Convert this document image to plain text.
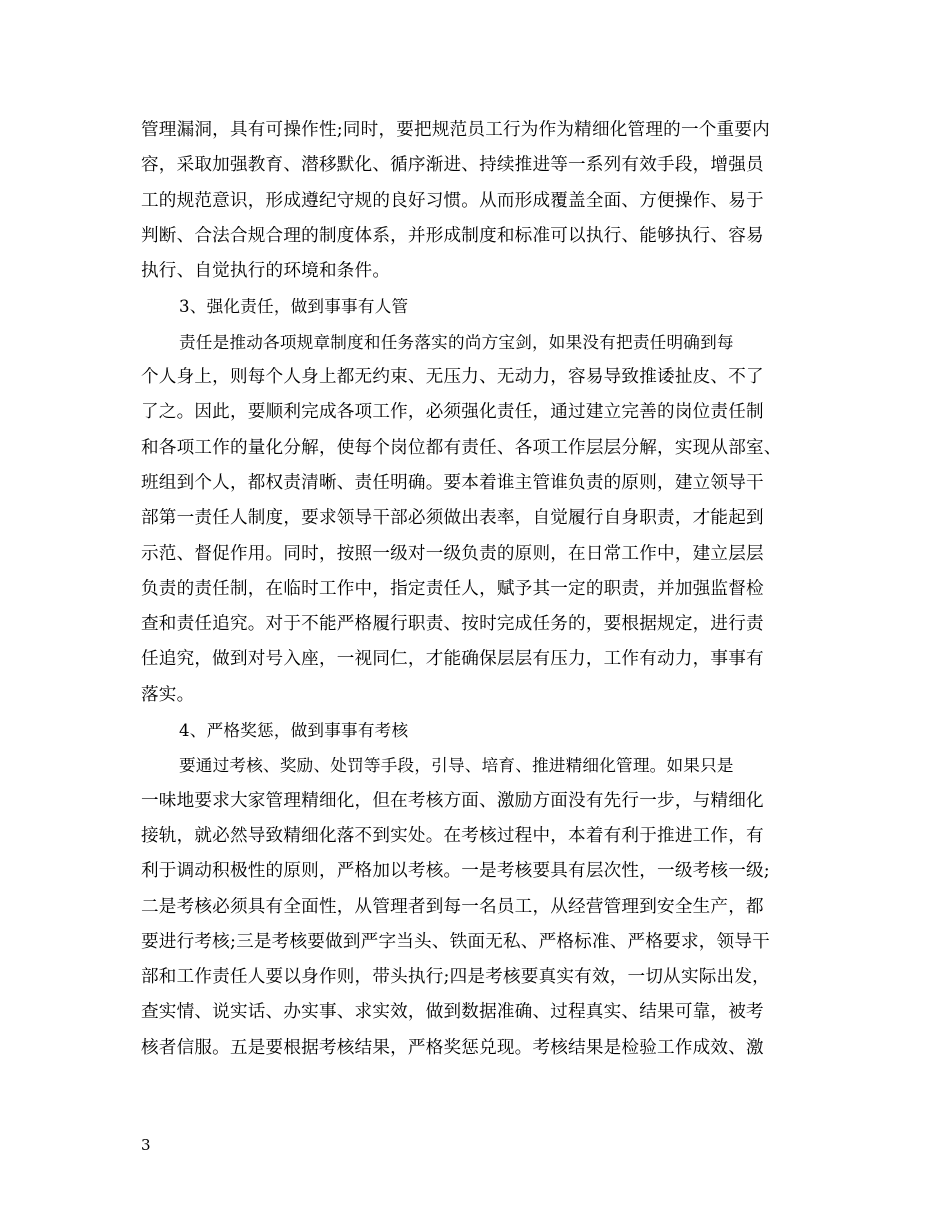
管理漏洞，具有可操作性;同时，要把规范员工行为作为精细化管理的一个重要内
容，采取加强教育、潜移默化、循序渐进、持续推进等一系列有效手段，增强员
工的规范意识，形成遵纪守规的良好习惯。从而形成覆盖全面、方便操作、易于
判断、合法合规合理的制度体系，并形成制度和标准可以执行、能够执行、容易
执行、自觉执行的环境和条件。
3、强化责任，做到事事有人管
责任是推动各项规章制度和任务落实的尚方宝剑，如果没有把责任明确到每
个人身上，则每个人身上都无约束、无压力、无动力，容易导致推诿扯皮、不了
了之。因此，要顺利完成各项工作，必须强化责任，通过建立完善的岗位责任制
和各项工作的量化分解，使每个岗位都有责任、各项工作层层分解，实现从部室、
班组到个人，都权责清晰、责任明确。要本着谁主管谁负责的原则，建立领导干
部第一责任人制度，要求领导干部必须做出表率，自觉履行自身职责，才能起到
示范、督促作用。同时，按照一级对一级负责的原则，在日常工作中，建立层层
负责的责任制，在临时工作中，指定责任人，赋予其一定的职责，并加强监督检
查和责任追究。对于不能严格履行职责、按时完成任务的，要根据规定，进行责
任追究，做到对号入座，一视同仁，才能确保层层有压力，工作有动力，事事有
落实。
4、严格奖惩，做到事事有考核
要通过考核、奖励、处罚等手段，引导、培育、推进精细化管理。如果只是
一味地要求大家管理精细化，但在考核方面、激励方面没有先行一步，与精细化
接轨，就必然导致精细化落不到实处。在考核过程中，本着有利于推进工作，有
利于调动积极性的原则，严格加以考核。一是考核要具有层次性，一级考核一级;
二是考核必须具有全面性，从管理者到每一名员工，从经营管理到安全生产，都
要进行考核;三是考核要做到严字当头、铁面无私、严格标准、严格要求，领导干
部和工作责任人要以身作则，带头执行;四是考核要真实有效，一切从实际出发，
查实情、说实话、办实事、求实效，做到数据准确、过程真实、结果可靠，被考
核者信服。五是要根据考核结果，严格奖惩兑现。考核结果是检验工作成效、激
3
